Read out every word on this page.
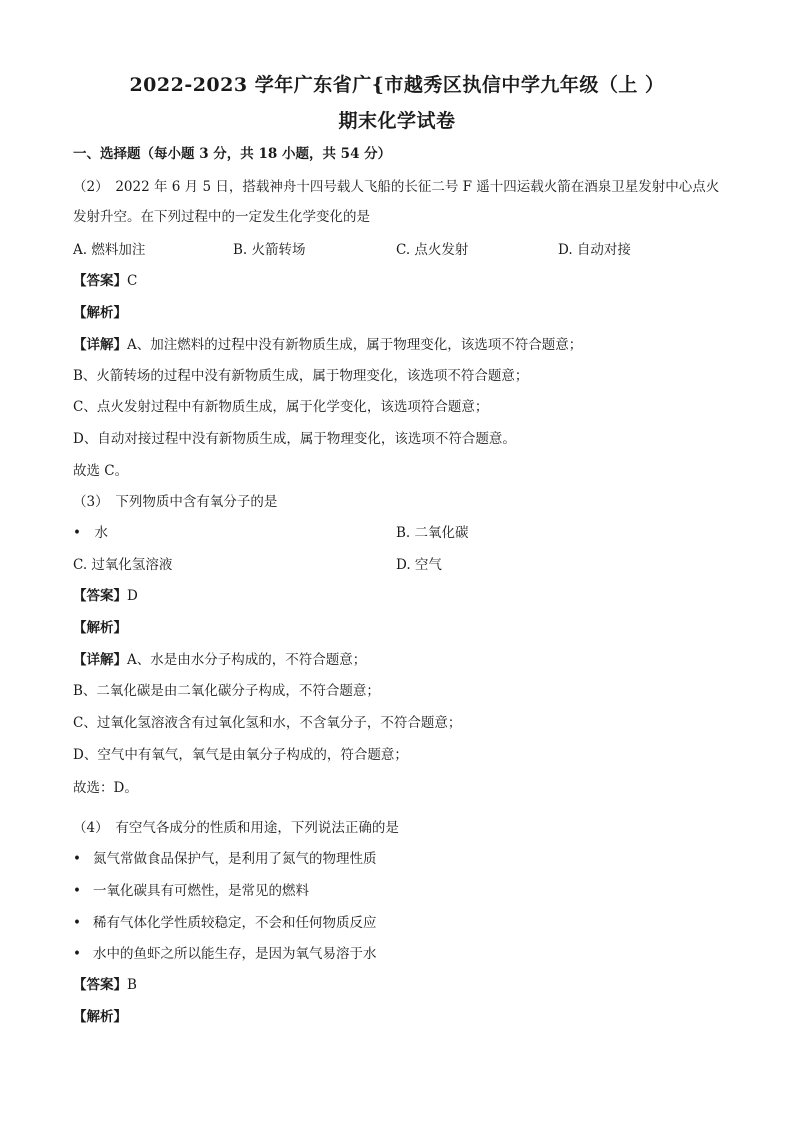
2022-2023 学年广东省广{市越秀区执信中学九年级（上 ）
期末化学试卷
一、选择题（每小题 3 分，共 18 小题，共 54 分）
（2）　2022 年 6 月 5 日，搭载神舟十四号载人飞船的长征二号 F 遥十四运载火箭在酒泉卫星发射中心点火
发射升空。在下列过程中的一定发生化学变化的是
A. 燃料加注	B. 火箭转场	C. 点火发射	D. 自动对接
【答案】C
【解析】
【详解】A、加注燃料的过程中没有新物质生成，属于物理变化，该选项不符合题意；
B、火箭转场的过程中没有新物质生成，属于物理变化，该选项不符合题意；
C、点火发射过程中有新物质生成，属于化学变化，该选项符合题意；
D、自动对接过程中没有新物质生成，属于物理变化，该选项不符合题意。
故选 C。
（3）　下列物质中含有氧分子的是
•　水	B. 二氧化碳
C. 过氧化氢溶液	D. 空气
【答案】D
【解析】
【详解】A、水是由水分子构成的，不符合题意；
B、二氧化碳是由二氧化碳分子构成，不符合题意；
C、过氧化氢溶液含有过氧化氢和水，不含氧分子，不符合题意；
D、空气中有氧气，氧气是由氧分子构成的，符合题意；
故选：D。
（4）　有空气各成分的性质和用途，下列说法正确的是
• 氮气常做食品保护气，是利用了氮气的物理性质
• 一氧化碳具有可燃性，是常见的燃料
• 稀有气体化学性质较稳定，不会和任何物质反应
• 水中的鱼虾之所以能生存，是因为氧气易溶于水
【答案】B
【解析】
